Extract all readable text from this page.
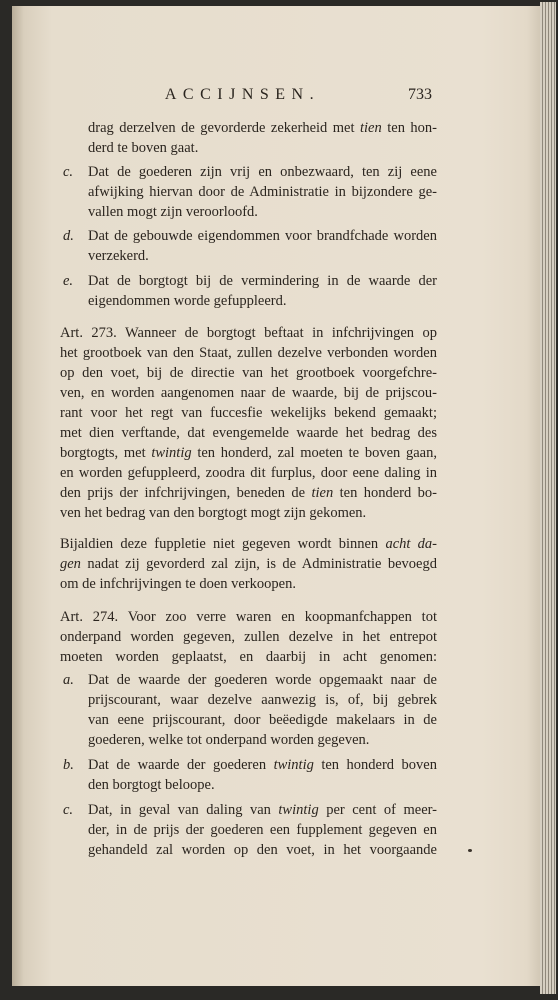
ACCIJNSEN.	733
drag derzelven de gevorderde zekerheid met tien ten hon-
derd te boven gaat.
c. Dat de goederen zijn vrij en onbezwaard, ten zij eene
afwijking hiervan door de Administratie in bijzondere ge-
vallen mogt zijn veroorloofd.
d. Dat de gebouwde eigendommen voor brandfchade worden
verzekerd.
e. Dat de borgtogt bij de vermindering in de waarde der
eigendommen worde gefuppleerd.
Art. 273. Wanneer de borgtogt beftaat in infchrijvingen op
het grootboek van den Staat, zullen dezelve verbonden worden
op den voet, bij de directie van het grootboek voorgefchre-
ven, en worden aangenomen naar de waarde, bij de prijscou-
rant voor het regt van fuccesfie wekelijks bekend gemaakt;
met dien verftande, dat evengemelde waarde het bedrag des
borgtogts, met twintig ten honderd, zal moeten te boven gaan,
en worden gefuppleerd, zoodra dit furplus, door eene daling in
den prijs der infchrijvingen, beneden de tien ten honderd bo-
ven het bedrag van den borgtogt mogt zijn gekomen.
Bijaldien deze fuppletie niet gegeven wordt binnen acht da-
gen nadat zij gevorderd zal zijn, is de Administratie bevoegd
om de infchrijvingen te doen verkoopen.
Art. 274. Voor zoo verre waren en koopmanfchappen tot
onderpand worden gegeven, zullen dezelve in het entrepot
moeten worden geplaatst, en daarbij in acht genomen:
a. Dat de waarde der goederen worde opgemaakt naar de
prijscourant, waar dezelve aanwezig is, of, bij gebrek
van eene prijscourant, door beëedigde makelaars in de
goederen, welke tot onderpand worden gegeven.
b. Dat de waarde der goederen twintig ten honderd boven
den borgtogt beloope.
c. Dat, in geval van daling van twintig per cent of meer-
der, in de prijs der goederen een fupplement gegeven en
gehandeld zal worden op den voet, in het voorgaande
